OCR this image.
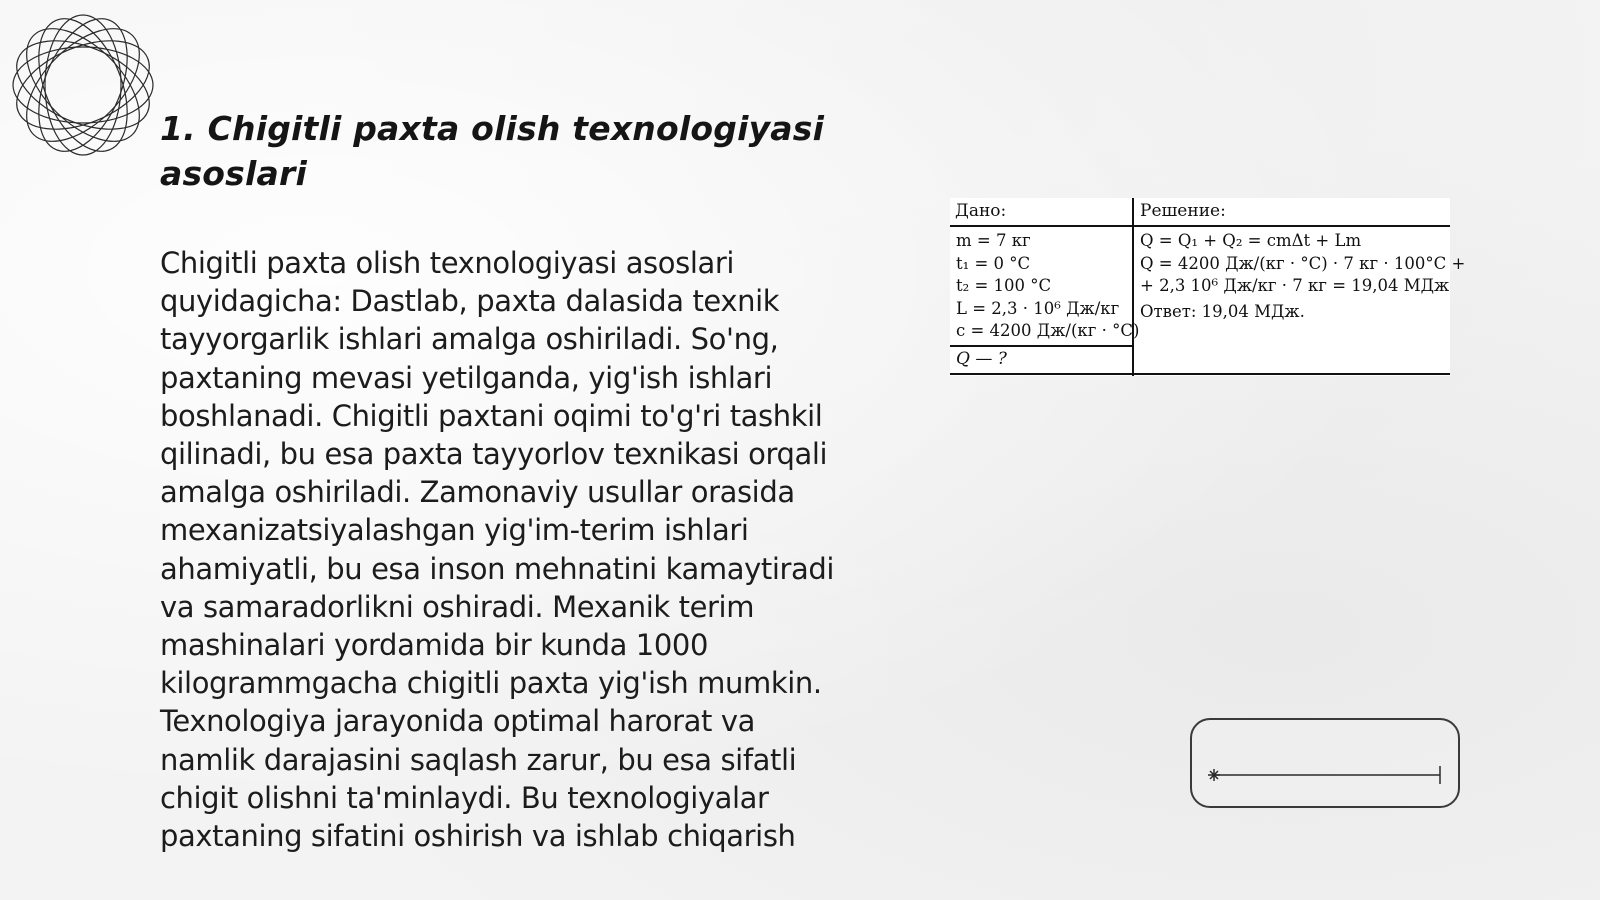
1. Chigitli paxta olish texnologiyasi asoslari

Chigitli paxta olish texnologiyasi asoslari quyidagicha: Dastlab, paxta dalasida texnik tayyorgarlik ishlari amalga oshiriladi. So'ng, paxtaning mevasi yetilganda, yig'ish ishlari boshlanadi. Chigitli paxtani oqimi to'g'ri tashkil qilinadi, bu esa paxta tayyorlov texnikasi orqali amalga oshiriladi. Zamonaviy usullar orasida mexanizatsiyalashgan yig'im-terim ishlari ahamiyatli, bu esa inson mehnatini kamaytiradi va samaradorlikni oshiradi. Mexanik terim mashinalari yordamida bir kunda 1000 kilogrammgacha chigitli paxta yig'ish mumkin. Texnologiya jarayonida optimal harorat va namlik darajasini saqlash zarur, bu esa sifatli chigit olishni ta'minlaydi. Bu texnologiyalar paxtaning sifatini oshirish va ishlab chiqarish

Дано:	Решение:
m = 7 кг
t₁ = 0 °C
t₂ = 100 °C
L = 2,3 · 10⁶ Дж/кг
c = 4200 Дж/(кг · °C)
Q — ?
Q = Q₁ + Q₂ = cmΔt + Lm
Q = 4200 Дж/(кг · °C) · 7 кг · 100°C +
+ 2,3 10⁶ Дж/кг · 7 кг = 19,04 МДж
Ответ: 19,04 МДж.
